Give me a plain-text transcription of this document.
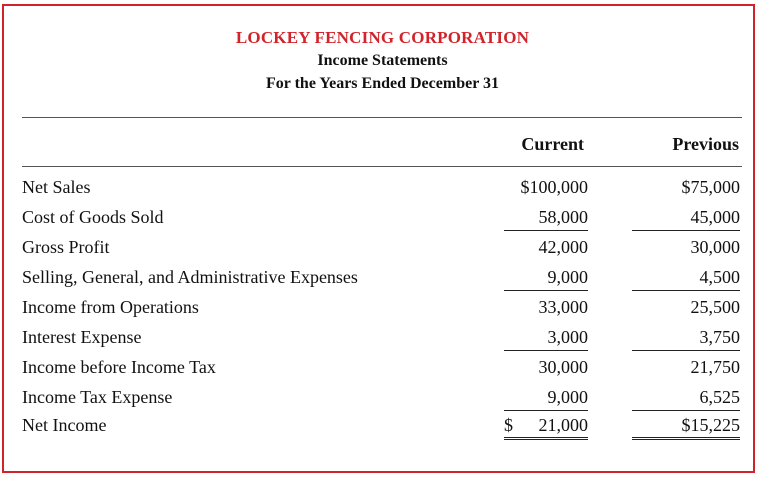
LOCKEY FENCING CORPORATION
Income Statements
For the Years Ended December 31
Current	Previous
Net Sales	$100,000	$75,000
Cost of Goods Sold	58,000	45,000
Gross Profit	42,000	30,000
Selling, General, and Administrative Expenses	9,000	4,500
Income from Operations	33,000	25,500
Interest Expense	3,000	3,750
Income before Income Tax	30,000	21,750
Income Tax Expense	9,000	6,525
Net Income	$ 21,000	$15,225
